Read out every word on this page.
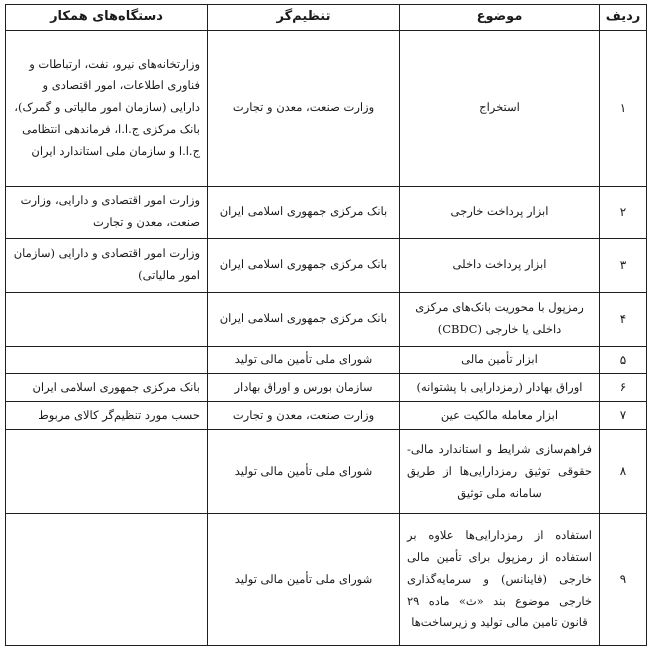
ردیف	موضوع	تنظیم‌گر	دستگاه‌های همکار
۱	استخراج	وزارت صنعت، معدن و تجارت	وزارتخانه‌های نیرو، نفت، ارتباطات و فناوری اطلاعات، امور اقتصادی و دارایی (سازمان امور مالیاتی و گمرک)، بانک مرکزی ج.ا.ا، فرماندهی انتظامی ج.ا.ا و سازمان ملی استاندارد ایران
۲	ابزار پرداخت خارجی	بانک مرکزی جمهوری اسلامی ایران	وزارت امور اقتصادی و دارایی، وزارت صنعت، معدن و تجارت
۳	ابزار پرداخت داخلی	بانک مرکزی جمهوری اسلامی ایران	وزارت امور اقتصادی و دارایی (سازمان امور مالیاتی)
۴	رمزپول با محوریت بانک‌های مرکزی داخلی یا خارجی (CBDC)	بانک مرکزی جمهوری اسلامی ایران	
۵	ابزار تأمین مالی	شورای ملی تأمین مالی تولید	
۶	اوراق بهادار (رمزدارایی با پشتوانه)	سازمان بورس و اوراق بهادار	بانک مرکزی جمهوری اسلامی ایران
۷	ابزار معامله مالکیت عین	وزارت صنعت، معدن و تجارت	حسب مورد تنظیم‌گر کالای مربوط
۸	فراهم‌سازی شرایط و استاندارد مالی- حقوقی توثیق رمزدارایی‌ها از طریق سامانه ملی توثیق	شورای ملی تأمین مالی تولید	
۹	استفاده از رمزدارایی‌ها علاوه بر استفاده از رمزپول برای تأمین مالی خارجی (فاینانس) و سرمایه‌گذاری خارجی موضوع بند «ث» ماده ۲۹ قانون تامین مالی تولید و زیرساخت‌ها	شورای ملی تأمین مالی تولید	
